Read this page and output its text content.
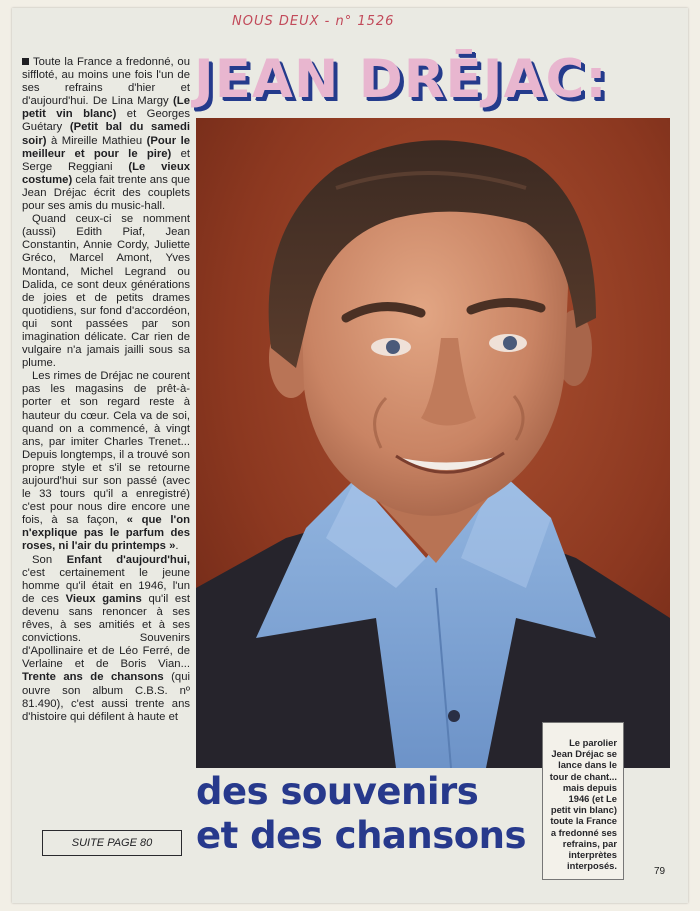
NOUS DEUX - n° 1526
JEAN DRĒJAC:

Toute la France a fredonné, ou siffloté, au moins une fois l'un de ses refrains d'hier et d'aujourd'hui. De Lina Margy (Le petit vin blanc) et Georges Guétary (Petit bal du samedi soir) à Mireille Mathieu (Pour le meilleur et pour le pire) et Serge Reggiani (Le vieux costume) cela fait trente ans que Jean Dréjac écrit des couplets pour ses amis du music-hall.

Quand ceux-ci se nomment (aussi) Edith Piaf, Jean Constantin, Annie Cordy, Juliette Gréco, Marcel Amont, Yves Montand, Michel Legrand ou Dalida, ce sont deux générations de joies et de petits drames quotidiens, sur fond d'accordéon, qui sont passées par son imagination délicate. Car rien de vulgaire n'a jamais jailli sous sa plume.

Les rimes de Dréjac ne courent pas les magasins de prêt-à-porter et son regard reste à hauteur du cœur. Cela va de soi, quand on a commencé, à vingt ans, par imiter Charles Trenet... Depuis longtemps, il a trouvé son propre style et s'il se retourne aujourd'hui sur son passé (avec le 33 tours qu'il a enregistré) c'est pour nous dire encore une fois, à sa façon, « que l'on n'explique pas le parfum des roses, ni l'air du printemps ».

Son Enfant d'aujourd'hui, c'est certainement le jeune homme qu'il était en 1946, l'un de ces Vieux gamins qu'il est devenu sans renoncer à ses rêves, à ses amitiés et à ses convictions. Souvenirs d'Apollinaire et de Léo Ferré, de Verlaine et de Boris Vian... Trente ans de chansons (qui ouvre son album C.B.S. nº 81.490), c'est aussi trente ans d'histoire qui défilent à haute et

SUITE PAGE 80
des souvenirs
et des chansons
Le parolier Jean Dréjac se lance dans le tour de chant... mais depuis 1946 (et Le petit vin blanc) toute la France a fredonné ses refrains, par interprètes interposés.
79
